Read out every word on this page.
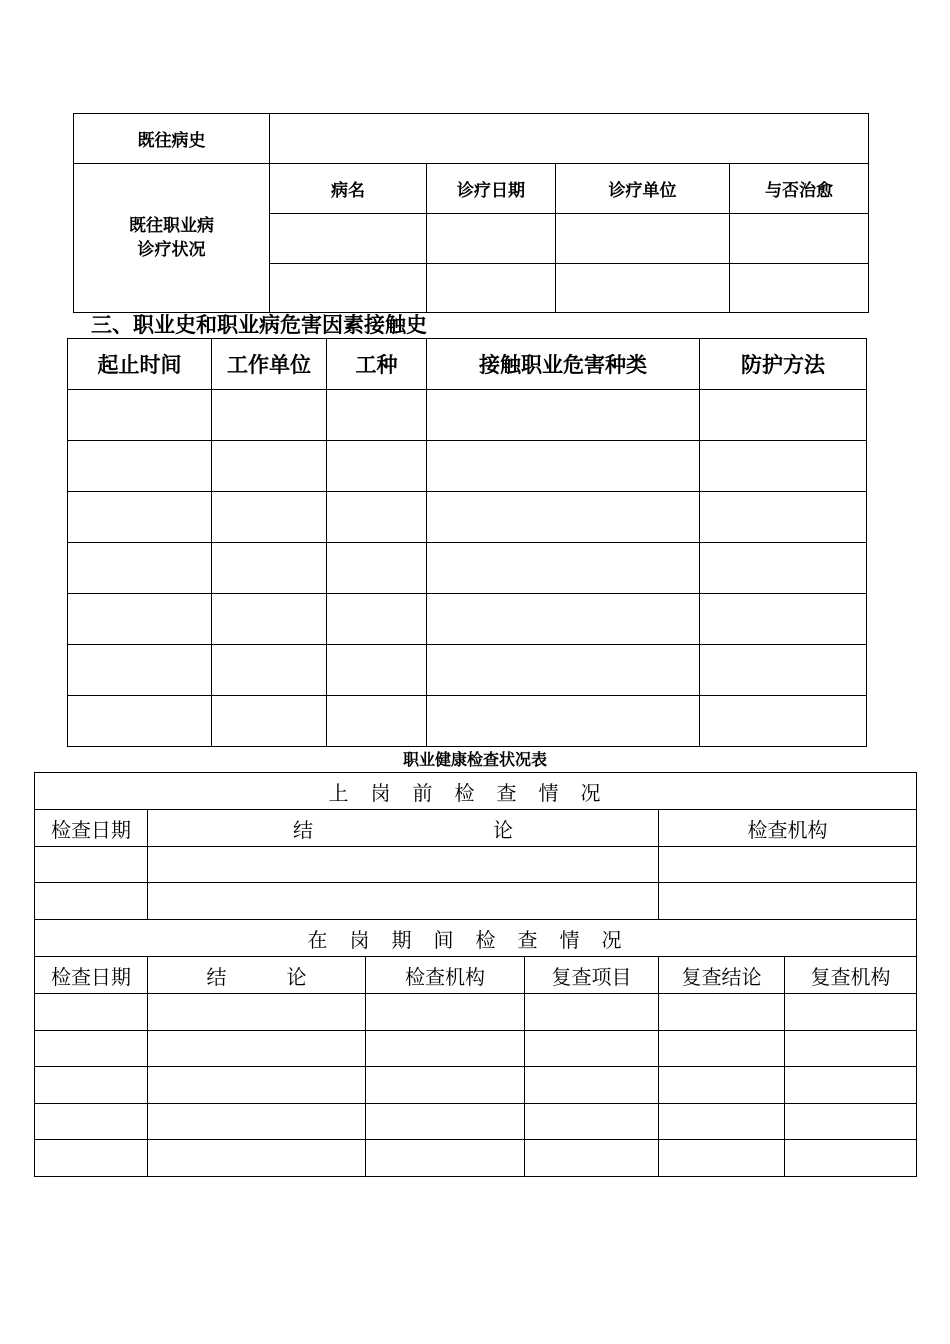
既往病史				

既往职业病
诊疗状况	病名	诊疗日期	诊疗单位	与否治愈

三、职业史和职业病危害因素接触史
起止时间	工作单位	工种	接触职业危害种类	防护方法

职业健康检查状况表
上岗前检查情况					
检查日期	结 论			检查机构	

在岗期间检查情况					
检查日期	结 论	检查机构	复查项目	复查结论	复查机构
